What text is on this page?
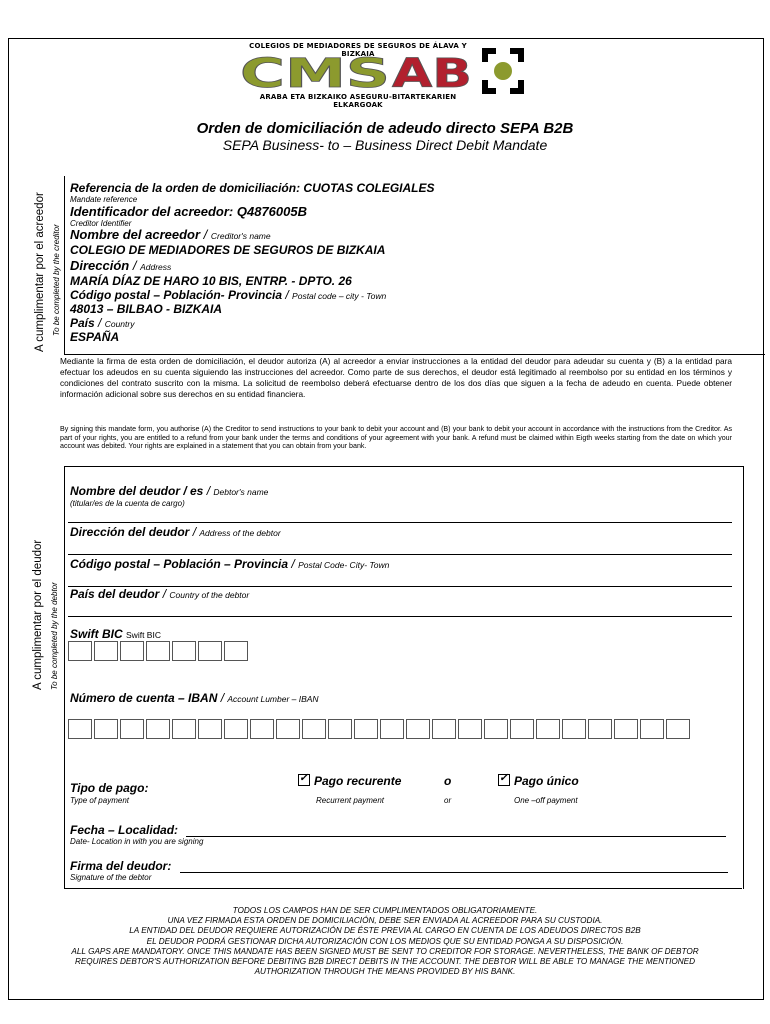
COLEGIOS DE MEDIADORES DE SEGUROS DE ÁLAVA Y BIZKAIA
CMS AB
ARABA ETA BIZKAIKO ASEGURU-BITARTEKARIEN ELKARGOAK
Orden de domiciliación de adeudo directo SEPA B2B
SEPA Business- to – Business Direct Debit Mandate
A cumplimentar por el acreedor To be completed by the creditor
Referencia de la orden de domiciliación: CUOTAS COLEGIALES
Mandate reference
Identificador del acreedor: Q4876005B
Creditor Identifier
Nombre del acreedor / Creditor's name
COLEGIO DE MEDIADORES DE SEGUROS DE BIZKAIA
Dirección / Address
MARÍA DÍAZ DE HARO 10 BIS, ENTRP. - DPTO. 26
Código postal – Población- Provincia / Postal code – city - Town
48013 – BILBAO - BIZKAIA
País / Country
ESPAÑA
Mediante la firma de esta orden de domiciliación, el deudor autoriza (A) al acreedor a enviar instrucciones a la entidad del deudor para adeudar su cuenta y (B) a la entidad para efectuar los adeudos en su cuenta siguiendo las instrucciones del acreedor. Como parte de sus derechos, el deudor está legitimado al reembolso por su entidad en los términos y condiciones del contrato suscrito con la misma. La solicitud de reembolso deberá efectuarse dentro de los dos días que siguen a la fecha de adeudo en cuenta. Puede obtener información adicional sobre sus derechos en su entidad financiera.
By signing this mandate form, you authorise (A) the Creditor to send instructions to your bank to debit your account and (B) your bank to debit your account in accordance with the instructions from the Creditor. As part of your rights, you are entitled to a refund from your bank under the terms and conditions of your agreement with your bank. A refund must be claimed within Eigth weeks starting from the date on which your account was debited. Your rights are explained in a statement that you can obtain from your bank.
A cumplimentar por el deudor To be completed by the debtor
Nombre del deudor / es / Debtor's name
(titular/es de la cuenta de cargo)
Dirección del deudor / Address of the debtor
Código postal – Población – Provincia / Postal Code- City- Town
País del deudor / Country of the debtor
Swift BIC Swift BIC
Número de cuenta – IBAN / Account Lumber – IBAN
Tipo de pago:
Type of payment
✓Pago recurente
Recurrent payment
o
or
✓Pago único
One –off payment
Fecha – Localidad:
Date- Location in with you are signing
Firma del deudor:
Signature of the debtor
TODOS LOS CAMPOS HAN DE SER CUMPLIMENTADOS OBLIGATORIAMENTE.
UNA VEZ FIRMADA ESTA ORDEN DE DOMICILIACIÓN, DEBE SER ENVIADA AL ACREEDOR PARA SU CUSTODIA.
LA ENTIDAD DEL DEUDOR REQUIERE AUTORIZACIÓN DE ÉSTE PREVIA AL CARGO EN CUENTA DE LOS ADEUDOS DIRECTOS B2B
EL DEUDOR PODRÁ GESTIONAR DICHA AUTORIZACIÓN CON LOS MEDIOS QUE SU ENTIDAD PONGA A SU DISPOSICIÓN.
ALL GAPS ARE MANDATORY. ONCE THIS MANDATE HAS BEEN SIGNED MUST BE SENT TO CREDITOR FOR STORAGE. NEVERTHELESS, THE BANK OF DEBTOR
REQUIRES DEBTOR'S AUTHORIZATION BEFORE DEBITING B2B DIRECT DEBITS IN THE ACCOUNT. THE DEBTOR WILL BE ABLE TO MANAGE THE MENTIONED
AUTHORIZATION THROUGH THE MEANS PROVIDED BY HIS BANK.
